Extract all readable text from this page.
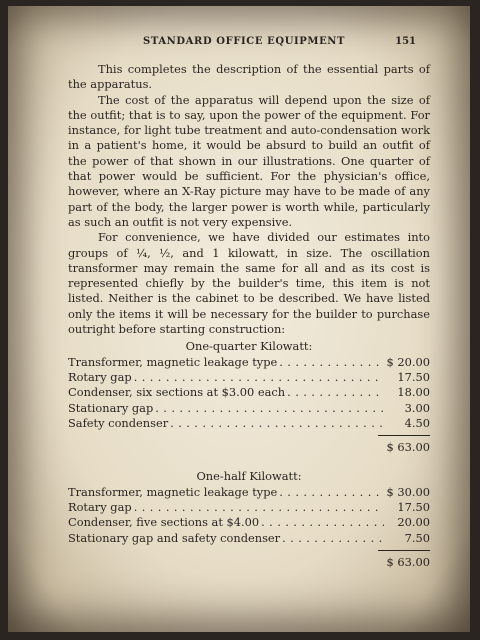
STANDARD OFFICE EQUIPMENT	151

This completes the description of the essential parts of the apparatus.

The cost of the apparatus will depend upon the size of the outfit; that is to say, upon the power of the equipment. For instance, for light tube treatment and auto-condensation work in a patient's home, it would be absurd to build an outfit of the power of that shown in our illustrations. One quarter of that power would be sufficient. For the physician's office, however, where an X-Ray picture may have to be made of any part of the body, the larger power is worth while, particularly as such an outfit is not very expensive.

For convenience, we have divided our estimates into groups of ¼, ½, and 1 kilowatt, in size. The oscillation transformer may remain the same for all and as its cost is represented chiefly by the builder's time, this item is not listed. Neither is the cabinet to be described. We have listed only the items it will be necessary for the builder to purchase outright before starting construction:

One-quarter Kilowatt:
Transformer, magnetic leakage type . . .	$ 20.00
Rotary gap . . .	17.50
Condenser, six sections at $3.00 each . . .	18.00
Stationary gap . . .	3.00
Safety condenser . . .	4.50
$ 63.00
One-half Kilowatt:
Transformer, magnetic leakage type . . .	$ 30.00
Rotary gap . . .	17.50
Condenser, five sections at $4.00 . . .	20.00
Stationary gap and safety condenser . . .	7.50
$ 63.00
